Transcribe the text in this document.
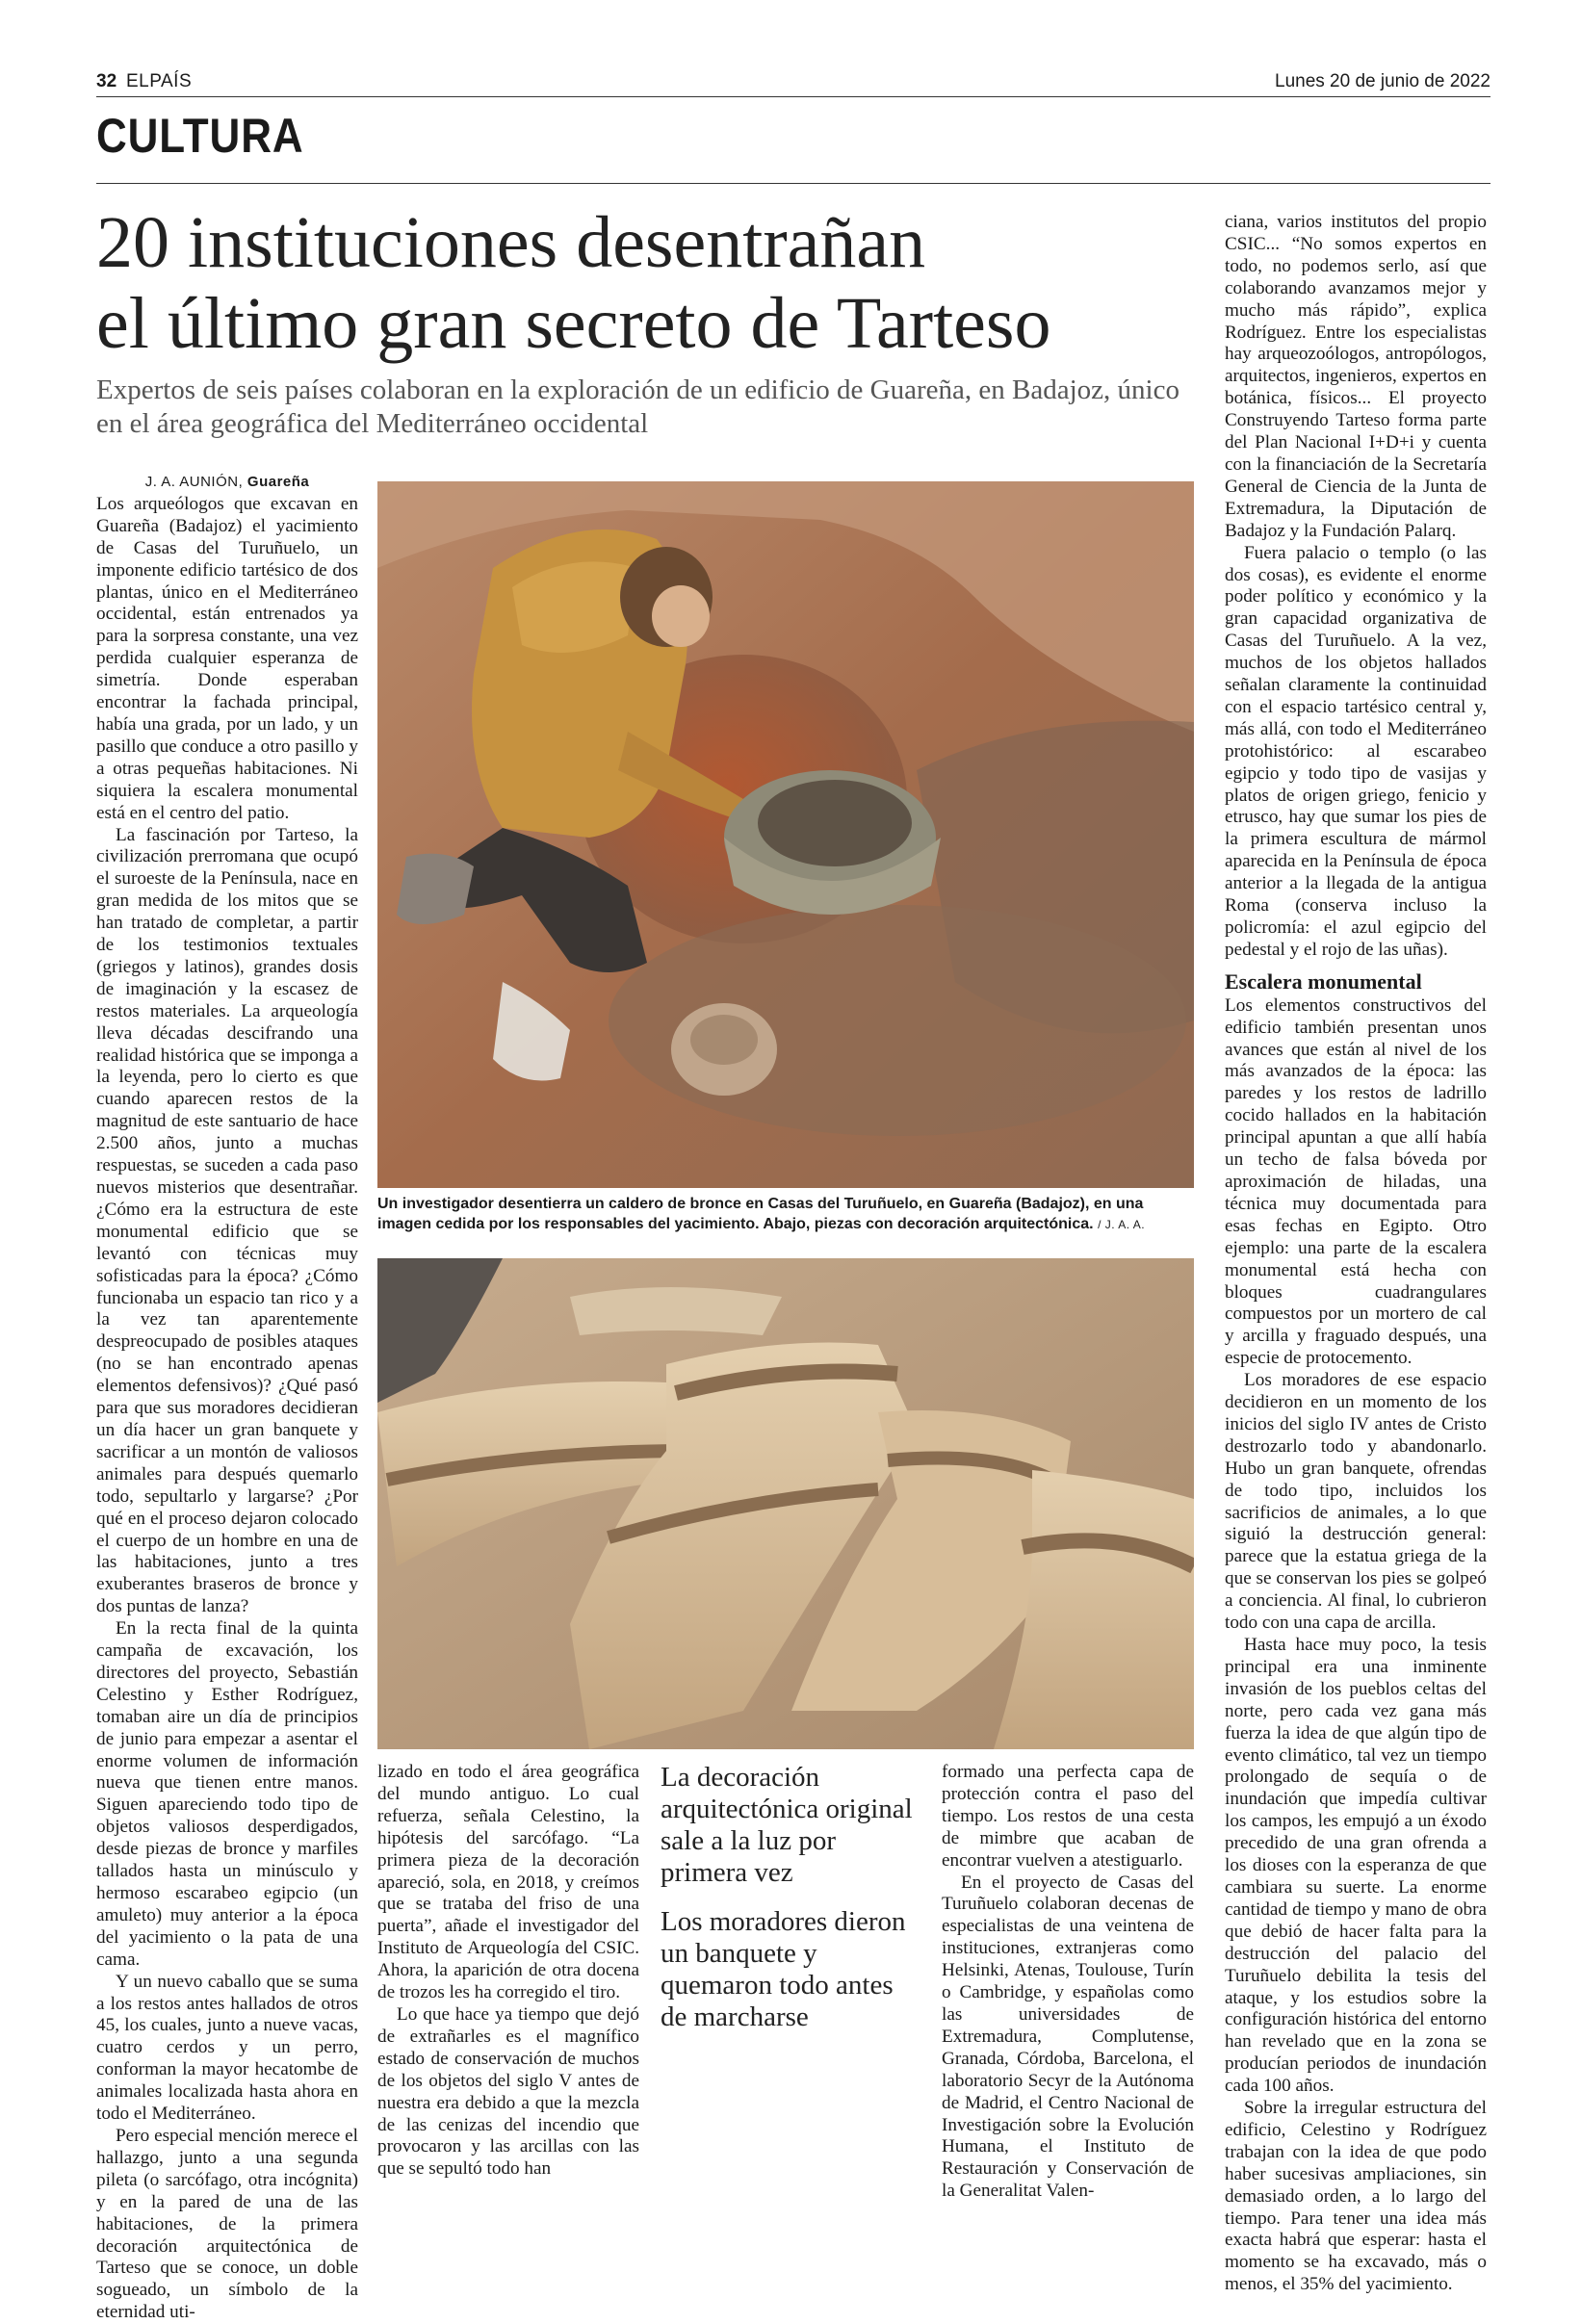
32 ELPAÍS	Lunes 20 de junio de 2022
CULTURA
20 instituciones desentrañan
el último gran secreto de Tarteso
Expertos de seis países colaboran en la exploración de un edificio de Guareña, en Badajoz, único en el área geográfica del Mediterráneo occidental

J. A. AUNIÓN, Guareña

Los arqueólogos que excavan en Guareña (Badajoz) el yacimiento de Casas del Turuñuelo, un imponente edificio tartésico de dos plantas, único en el Mediterráneo occidental, están entrenados ya para la sorpresa constante, una vez perdida cualquier esperanza de simetría. Donde esperaban encontrar la fachada principal, había una grada, por un lado, y un pasillo que conduce a otro pasillo y a otras pequeñas habitaciones. Ni siquiera la escalera monumental está en el centro del patio.

La fascinación por Tarteso, la civilización prerromana que ocupó el suroeste de la Península, nace en gran medida de los mitos que se han tratado de completar, a partir de los testimonios textuales (griegos y latinos), grandes dosis de imaginación y la escasez de restos materiales. La arqueología lleva décadas descifrando una realidad histórica que se imponga a la leyenda, pero lo cierto es que cuando aparecen restos de la magnitud de este santuario de hace 2.500 años, junto a muchas respuestas, se suceden a cada paso nuevos misterios que desentrañar. ¿Cómo era la estructura de este monumental edificio que se levantó con técnicas muy sofisticadas para la época? ¿Cómo funcionaba un espacio tan rico y a la vez tan aparentemente despreocupado de posibles ataques (no se han encontrado apenas elementos defensivos)? ¿Qué pasó para que sus moradores decidieran un día hacer un gran banquete y sacrificar a un montón de valiosos animales para después quemarlo todo, sepultarlo y largarse? ¿Por qué en el proceso dejaron colocado el cuerpo de un hombre en una de las habitaciones, junto a tres exuberantes braseros de bronce y dos puntas de lanza?

En la recta final de la quinta campaña de excavación, los directores del proyecto, Sebastián Celestino y Esther Rodríguez, tomaban aire un día de principios de junio para empezar a asentar el enorme volumen de información nueva que tienen entre manos. Siguen apareciendo todo tipo de objetos valiosos desperdigados, desde piezas de bronce y marfiles tallados hasta un minúsculo y hermoso escarabeo egipcio (un amuleto) muy anterior a la época del yacimiento o la pata de una cama.

Y un nuevo caballo que se suma a los restos antes hallados de otros 45, los cuales, junto a nueve vacas, cuatro cerdos y un perro, conforman la mayor hecatombe de animales localizada hasta ahora en todo el Mediterráneo.

Pero especial mención merece el hallazgo, junto a una segunda pileta (o sarcófago, otra incógnita) y en la pared de una de las habitaciones, de la primera decoración arquitectónica de Tarteso que se conoce, un doble sogueado, un símbolo de la eternidad uti-

Un investigador desentierra un caldero de bronce en Casas del Turuñuelo, en Guareña (Badajoz), en una imagen cedida por los responsables del yacimiento. Abajo, piezas con decoración arquitectónica. / J. A. A.

lizado en todo el área geográfica del mundo antiguo. Lo cual refuerza, señala Celestino, la hipótesis del sarcófago. “La primera pieza de la decoración apareció, sola, en 2018, y creímos que se trataba del friso de una puerta”, añade el investigador del Instituto de Arqueología del CSIC. Ahora, la aparición de otra docena de trozos les ha corregido el tiro.

Lo que hace ya tiempo que dejó de extrañarles es el magnífico estado de conservación de muchos de los objetos del siglo V antes de nuestra era debido a que la mezcla de las cenizas del incendio que provocaron y las arcillas con las que se sepultó todo han

La decoración arquitectónica original sale a la luz por primera vez

Los moradores dieron un banquete y quemaron todo antes de marcharse

formado una perfecta capa de protección contra el paso del tiempo. Los restos de una cesta de mimbre que acaban de encontrar vuelven a atestiguarlo.

En el proyecto de Casas del Turuñuelo colaboran decenas de especialistas de una veintena de instituciones, extranjeras como Helsinki, Atenas, Toulouse, Turín o Cambridge, y españolas como las universidades de Extremadura, Complutense, Granada, Córdoba, Barcelona, el laboratorio Secyr de la Autónoma de Madrid, el Centro Nacional de Investigación sobre la Evolución Humana, el Instituto de Restauración y Conservación de la Generalitat Valen-

ciana, varios institutos del propio CSIC... “No somos expertos en todo, no podemos serlo, así que colaborando avanzamos mejor y mucho más rápido”, explica Rodríguez. Entre los especialistas hay arqueozoólogos, antropólogos, arquitectos, ingenieros, expertos en botánica, físicos... El proyecto Construyendo Tarteso forma parte del Plan Nacional I+D+i y cuenta con la financiación de la Secretaría General de Ciencia de la Junta de Extremadura, la Diputación de Badajoz y la Fundación Palarq.

Fuera palacio o templo (o las dos cosas), es evidente el enorme poder político y económico y la gran capacidad organizativa de Casas del Turuñuelo. A la vez, muchos de los objetos hallados señalan claramente la continuidad con el espacio tartésico central y, más allá, con todo el Mediterráneo protohistórico: al escarabeo egipcio y todo tipo de vasijas y platos de origen griego, fenicio y etrusco, hay que sumar los pies de la primera escultura de mármol aparecida en la Península de época anterior a la llegada de la antigua Roma (conserva incluso la policromía: el azul egipcio del pedestal y el rojo de las uñas).

Escalera monumental

Los elementos constructivos del edificio también presentan unos avances que están al nivel de los más avanzados de la época: las paredes y los restos de ladrillo cocido hallados en la habitación principal apuntan a que allí había un techo de falsa bóveda por aproximación de hiladas, una técnica muy documentada para esas fechas en Egipto. Otro ejemplo: una parte de la escalera monumental está hecha con bloques cuadrangulares compuestos por un mortero de cal y arcilla y fraguado después, una especie de protocemento.

Los moradores de ese espacio decidieron en un momento de los inicios del siglo IV antes de Cristo destrozarlo todo y abandonarlo. Hubo un gran banquete, ofrendas de todo tipo, incluidos los sacrificios de animales, a lo que siguió la destrucción general: parece que la estatua griega de la que se conservan los pies se golpeó a conciencia. Al final, lo cubrieron todo con una capa de arcilla.

Hasta hace muy poco, la tesis principal era una inminente invasión de los pueblos celtas del norte, pero cada vez gana más fuerza la idea de que algún tipo de evento climático, tal vez un tiempo prolongado de sequía o de inundación que impedía cultivar los campos, les empujó a un éxodo precedido de una gran ofrenda a los dioses con la esperanza de que cambiara su suerte. La enorme cantidad de tiempo y mano de obra que debió de hacer falta para la destrucción del palacio del Turuñuelo debilita la tesis del ataque, y los estudios sobre la configuración histórica del entorno han revelado que en la zona se producían periodos de inundación cada 100 años.

Sobre la irregular estructura del edificio, Celestino y Rodríguez trabajan con la idea de que podo haber sucesivas ampliaciones, sin demasiado orden, a lo largo del tiempo. Para tener una idea más exacta habrá que esperar: hasta el momento se ha excavado, más o menos, el 35% del yacimiento.
